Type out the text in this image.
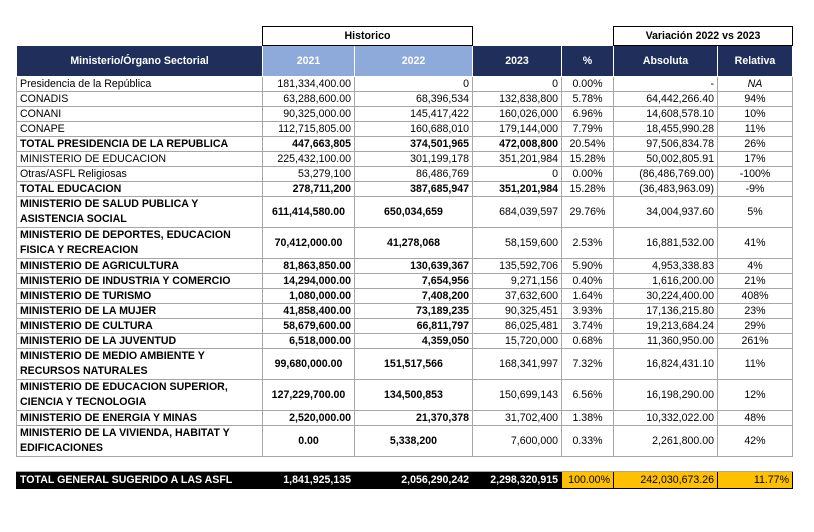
	Historico				Variación 2022 vs 2023	
Ministerio/Órgano Sectorial	2021	2022	2023	%	Absoluta	Relativa
Presidencia de la República	181,334,400.00	0	0	0.00%	-	NA
CONADIS	63,288,600.00	68,396,534	132,838,800	5.78%	64,442,266.40	94%
CONANI	90,325,000.00	145,417,422	160,026,000	6.96%	14,608,578.10	10%
CONAPE	112,715,805.00	160,688,010	179,144,000	7.79%	18,455,990.28	11%
TOTAL PRESIDENCIA DE LA REPUBLICA	447,663,805	374,501,965	472,008,800	20.54%	97,506,834.78	26%
MINISTERIO DE EDUCACION	225,432,100.00	301,199,178	351,201,984	15.28%	50,002,805.91	17%
Otras/ASFL Religiosas	53,279,100	86,486,769	0	0.00%	(86,486,769.00)	-100%
TOTAL EDUCACION	278,711,200	387,685,947	351,201,984	15.28%	(36,483,963.09)	-9%
MINISTERIO DE SALUD PUBLICA Y ASISTENCIA SOCIAL	611,414,580.00	650,034,659	684,039,597	29.76%	34,004,937.60	5%
MINISTERIO DE DEPORTES, EDUCACION FISICA Y RECREACION	70,412,000.00	41,278,068	58,159,600	2.53%	16,881,532.00	41%
MINISTERIO DE AGRICULTURA	81,863,850.00	130,639,367	135,592,706	5.90%	4,953,338.83	4%
MINISTERIO DE INDUSTRIA Y COMERCIO	14,294,000.00	7,654,956	9,271,156	0.40%	1,616,200.00	21%
MINISTERIO DE TURISMO	1,080,000.00	7,408,200	37,632,600	1.64%	30,224,400.00	408%
MINISTERIO DE LA MUJER	41,858,400.00	73,189,235	90,325,451	3.93%	17,136,215.80	23%
MINISTERIO DE CULTURA	58,679,600.00	66,811,797	86,025,481	3.74%	19,213,684.24	29%
MINISTERIO DE LA JUVENTUD	6,518,000.00	4,359,050	15,720,000	0.68%	11,360,950.00	261%
MINISTERIO DE MEDIO AMBIENTE Y RECURSOS NATURALES	99,680,000.00	151,517,566	168,341,997	7.32%	16,824,431.10	11%
MINISTERIO DE EDUCACION SUPERIOR, CIENCIA Y TECNOLOGIA	127,229,700.00	134,500,853	150,699,143	6.56%	16,198,290.00	12%
MINISTERIO DE ENERGIA Y MINAS	2,520,000.00	21,370,378	31,702,400	1.38%	10,332,022.00	48%
MINISTERIO DE LA VIVIENDA, HABITAT Y EDIFICACIONES	0.00	5,338,200	7,600,000	0.33%	2,261,800.00	42%

TOTAL GENERAL SUGERIDO A LAS ASFL	1,841,925,135	2,056,290,242	2,298,320,915	100.00%	242,030,673.26	11.77%
